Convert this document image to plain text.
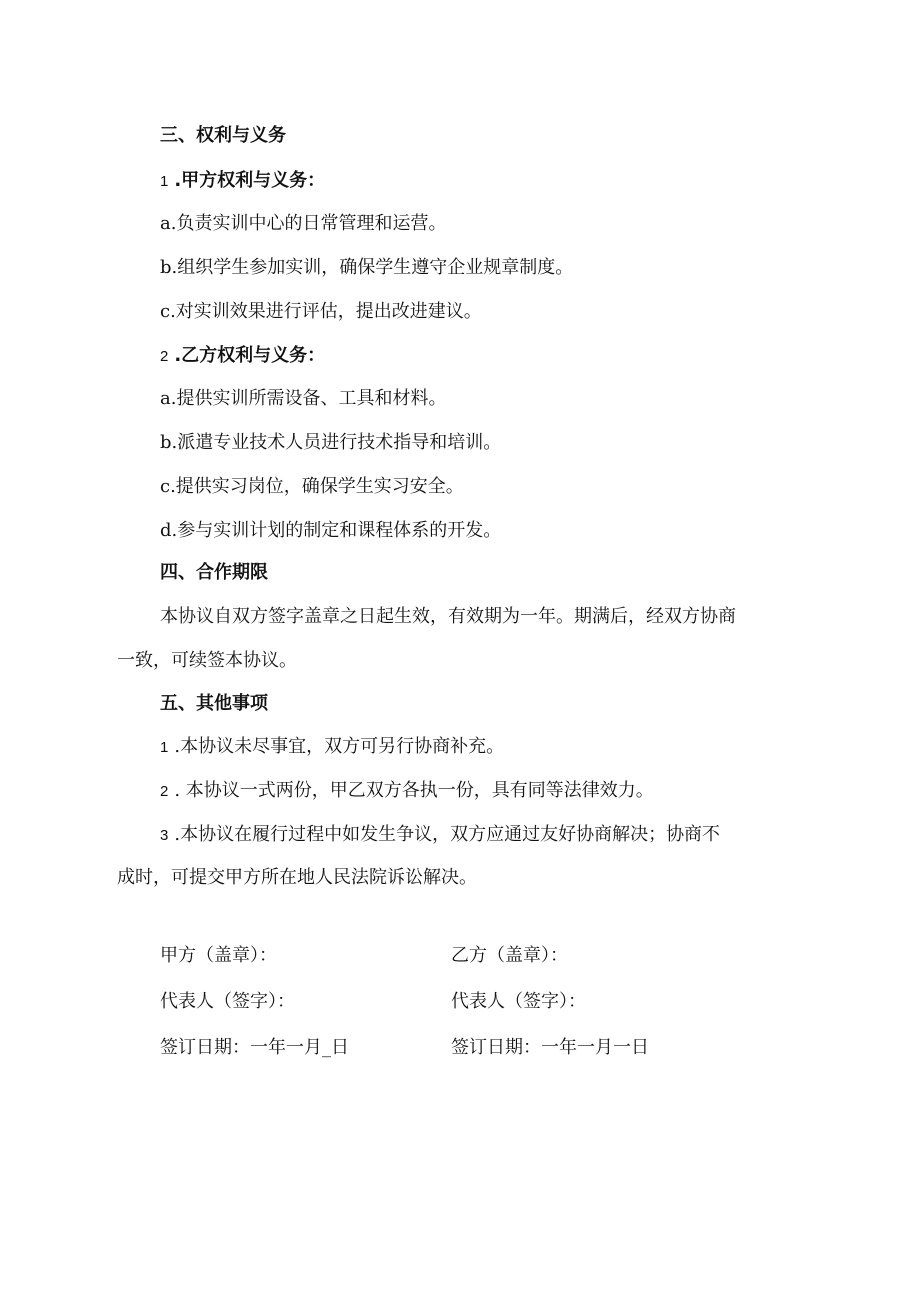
三、权利与义务
1 .甲方权利与义务：
a.负责实训中心的日常管理和运营。
b.组织学生参加实训，确保学生遵守企业规章制度。
c.对实训效果进行评估，提出改进建议。
2 .乙方权利与义务：
a.提供实训所需设备、工具和材料。
b.派遣专业技术人员进行技术指导和培训。
c.提供实习岗位，确保学生实习安全。
d.参与实训计划的制定和课程体系的开发。
四、合作期限
本协议自双方签字盖章之日起生效，有效期为一年。期满后，经双方协商
一致，可续签本协议。
五、其他事项
1 .本协议未尽事宜，双方可另行协商补充。
2 . 本协议一式两份，甲乙双方各执一份，具有同等法律效力。
3 .本协议在履行过程中如发生争议，双方应通过友好协商解决；协商不
成时，可提交甲方所在地人民法院诉讼解决。
甲方（盖章）：	乙方（盖章）：
代表人（签字）：	代表人（签字）：
签订日期：一年一月_日	签订日期：一年一月一日
